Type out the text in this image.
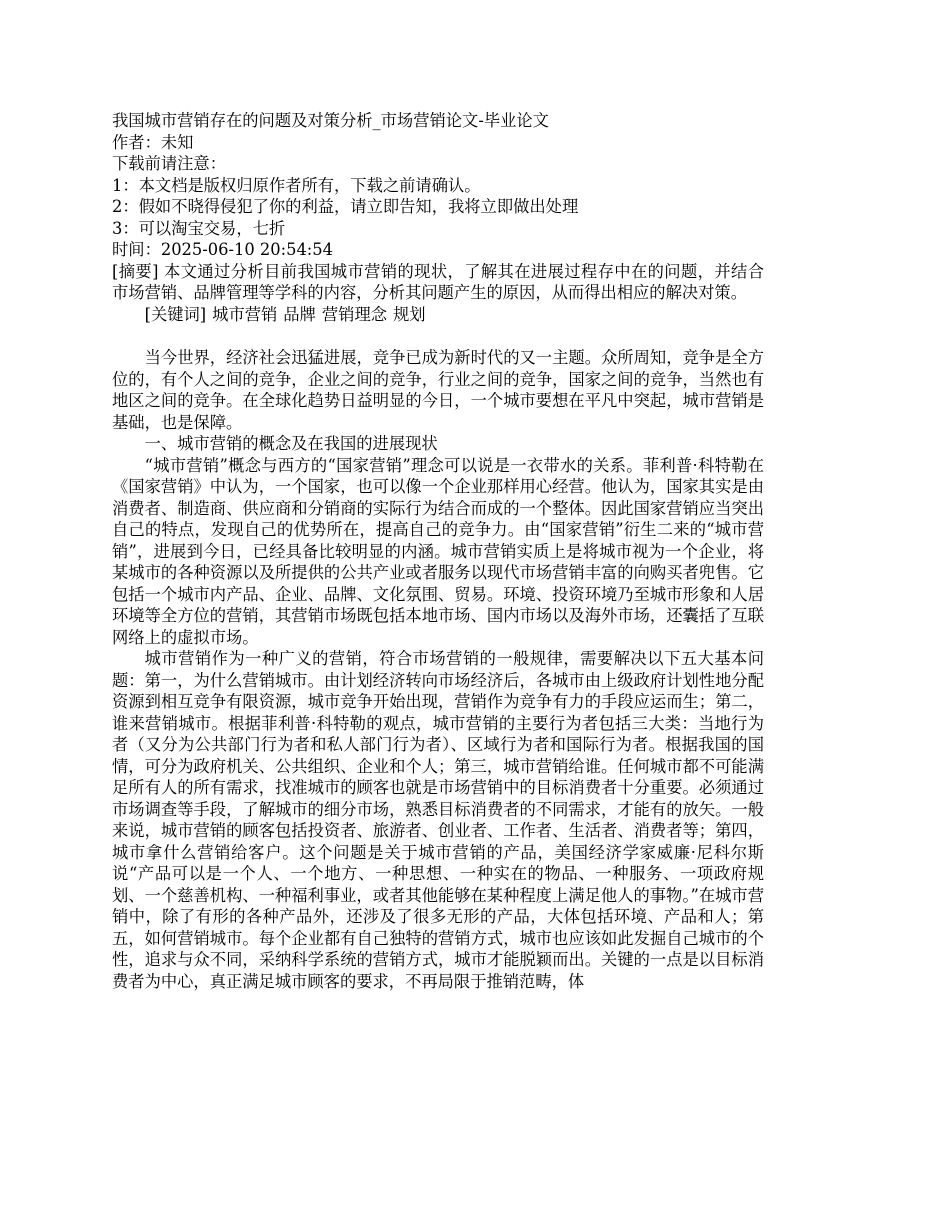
我国城市营销存在的问题及对策分析_市场营销论文-毕业论文

作者：未知

下载前请注意：

1：本文档是版权归原作者所有，下载之前请确认。

2：假如不晓得侵犯了你的利益，请立即告知，我将立即做出处理

3：可以淘宝交易，七折

时间：2025-06-10 20:54:54

[摘要] 本文通过分析目前我国城市营销的现状，了解其在进展过程存中在的问题，并结合市场营销、品牌管理等学科的内容，分析其问题产生的原因，从而得出相应的解决对策。

[关键词] 城市营销 品牌 营销理念 规划

当今世界，经济社会迅猛进展，竞争已成为新时代的又一主题。众所周知，竞争是全方位的，有个人之间的竞争，企业之间的竞争，行业之间的竞争，国家之间的竞争，当然也有地区之间的竞争。在全球化趋势日益明显的今日，一个城市要想在平凡中突起，城市营销是基础，也是保障。

一、城市营销的概念及在我国的进展现状

“城市营销”概念与西方的“国家营销”理念可以说是一衣带水的关系。菲利普·科特勒在《国家营销》中认为，一个国家，也可以像一个企业那样用心经营。他认为，国家其实是由消费者、制造商、供应商和分销商的实际行为结合而成的一个整体。因此国家营销应当突出自己的特点，发现自己的优势所在，提高自己的竞争力。由“国家营销”衍生二来的“城市营销”，进展到今日，已经具备比较明显的内涵。城市营销实质上是将城市视为一个企业，将某城市的各种资源以及所提供的公共产业或者服务以现代市场营销丰富的向购买者兜售。它包括一个城市内产品、企业、品牌、文化氛围、贸易。环境、投资环境乃至城市形象和人居环境等全方位的营销，其营销市场既包括本地市场、国内市场以及海外市场，还囊括了互联网络上的虚拟市场。

城市营销作为一种广义的营销，符合市场营销的一般规律，需要解决以下五大基本问题：第一，为什么营销城市。由计划经济转向市场经济后，各城市由上级政府计划性地分配资源到相互竞争有限资源，城市竞争开始出现，营销作为竞争有力的手段应运而生；第二，谁来营销城市。根据菲利普·科特勒的观点，城市营销的主要行为者包括三大类：当地行为者（又分为公共部门行为者和私人部门行为者）、区域行为者和国际行为者。根据我国的国情，可分为政府机关、公共组织、企业和个人；第三，城市营销给谁。任何城市都不可能满足所有人的所有需求，找准城市的顾客也就是市场营销中的目标消费者十分重要。必须通过市场调查等手段，了解城市的细分市场，熟悉目标消费者的不同需求，才能有的放矢。一般来说，城市营销的顾客包括投资者、旅游者、创业者、工作者、生活者、消费者等；第四，城市拿什么营销给客户。这个问题是关于城市营销的产品，美国经济学家威廉·尼科尔斯说“产品可以是一个人、一个地方、一种思想、一种实在的物品、一种服务、一项政府规划、一个慈善机构、一种福利事业，或者其他能够在某种程度上满足他人的事物。”在城市营销中，除了有形的各种产品外，还涉及了很多无形的产品，大体包括环境、产品和人；第五，如何营销城市。每个企业都有自己独特的营销方式，城市也应该如此发掘自己城市的个性，追求与众不同，采纳科学系统的营销方式，城市才能脱颖而出。关键的一点是以目标消费者为中心，真正满足城市顾客的要求，不再局限于推销范畴，体
